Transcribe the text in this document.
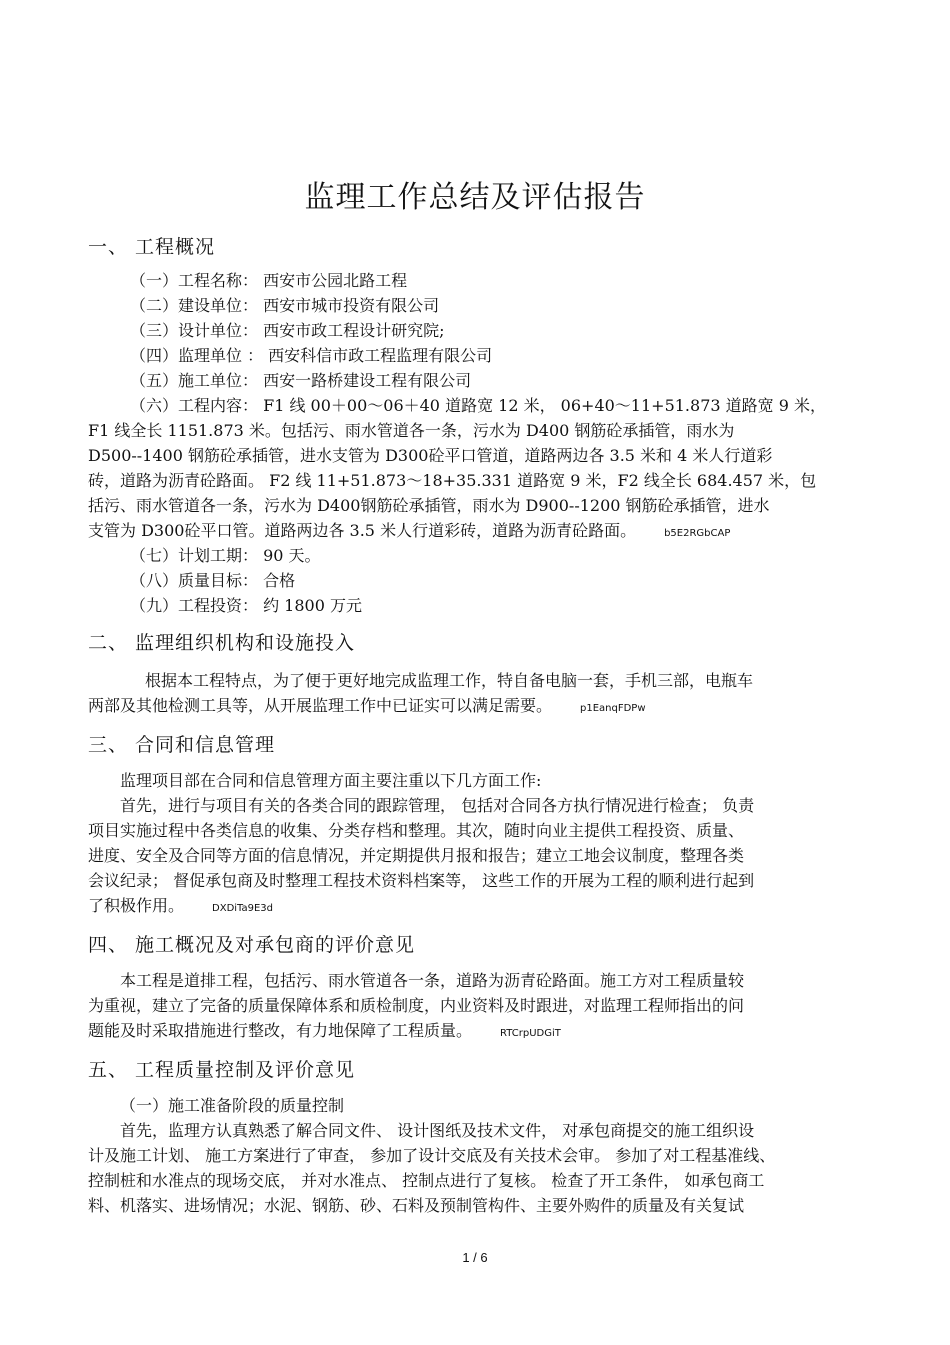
监理工作总结及评估报告
一、 工程概况
（一）工程名称： 西安市公园北路工程
（二）建设单位： 西安市城市投资有限公司
（三）设计单位： 西安市政工程设计研究院;
（四）监理单位 ： 西安科信市政工程监理有限公司
（五）施工单位： 西安一路桥建设工程有限公司
（六）工程内容： F1 线 00＋00～06＋40 道路宽 12 米， 06+40～11+51.873 道路宽 9 米，
F1 线全长 1151.873 米。包括污、雨水管道各一条，污水为 D400 钢筋砼承插管，雨水为
D500--1400 钢筋砼承插管，进水支管为 D300砼平口管道，道路两边各 3.5 米和 4 米人行道彩
砖，道路为沥青砼路面。 F2 线 11+51.873～18+35.331 道路宽 9 米，F2 线全长 684.457 米，包
括污、雨水管道各一条，污水为 D400钢筋砼承插管，雨水为 D900--1200 钢筋砼承插管，进水
支管为 D300砼平口管。道路两边各 3.5 米人行道彩砖，道路为沥青砼路面。	b5E2RGbCAP
（七）计划工期： 90 天。
（八）质量目标： 合格
（九）工程投资： 约 1800 万元
二、 监理组织机构和设施投入
根据本工程特点，为了便于更好地完成监理工作，特自备电脑一套，手机三部，电瓶车
两部及其他检测工具等，从开展监理工作中已证实可以满足需要。	p1EanqFDPw
三、 合同和信息管理
监理项目部在合同和信息管理方面主要注重以下几方面工作:
首先，进行与项目有关的各类合同的跟踪管理， 包括对合同各方执行情况进行检查； 负责
项目实施过程中各类信息的收集、分类存档和整理。其次，随时向业主提供工程投资、质量、
进度、安全及合同等方面的信息情况，并定期提供月报和报告；建立工地会议制度，整理各类
会议纪录； 督促承包商及时整理工程技术资料档案等， 这些工作的开展为工程的顺利进行起到
了积极作用。	DXDiTa9E3d
四、 施工概况及对承包商的评价意见
本工程是道排工程，包括污、雨水管道各一条，道路为沥青砼路面。施工方对工程质量较
为重视，建立了完备的质量保障体系和质检制度，内业资料及时跟进，对监理工程师指出的问
题能及时采取措施进行整改，有力地保障了工程质量。	RTCrpUDGiT
五、 工程质量控制及评价意见
（一）施工准备阶段的质量控制
首先，监理方认真熟悉了解合同文件、 设计图纸及技术文件， 对承包商提交的施工组织设
计及施工计划、 施工方案进行了审查， 参加了设计交底及有关技术会审。 参加了对工程基准线、
控制桩和水准点的现场交底， 并对水准点、 控制点进行了复核。 检查了开工条件， 如承包商工
料、机落实、进场情况；水泥、钢筋、砂、石料及预制管构件、主要外购件的质量及有关复试
1 / 6
